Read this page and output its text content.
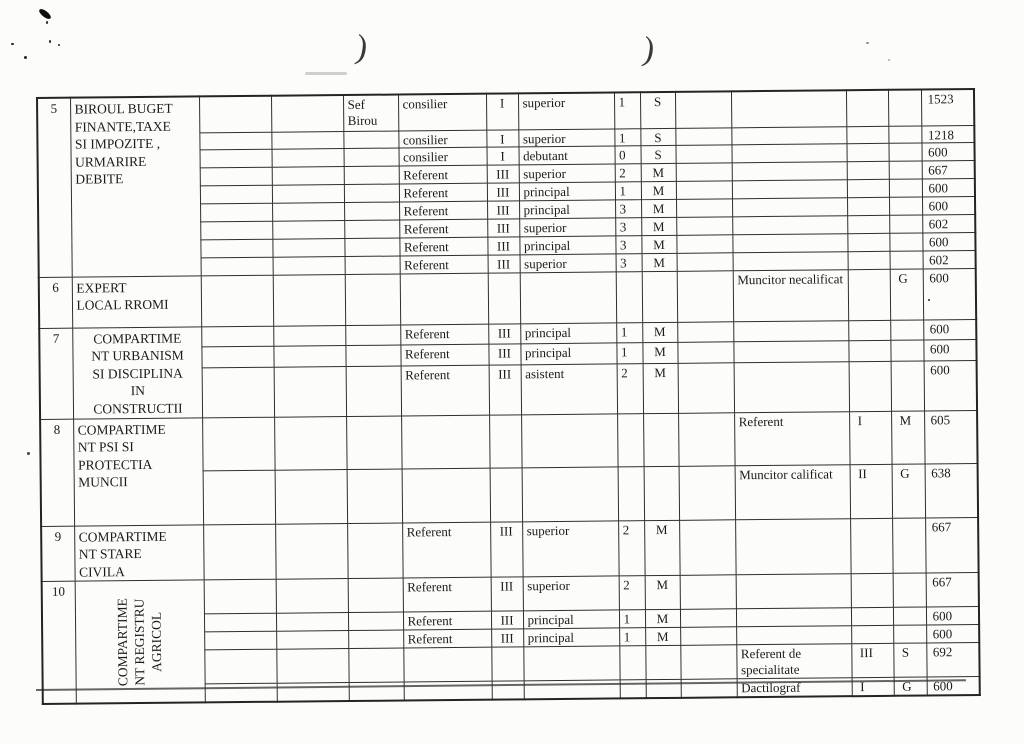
)	)
5	BIROUL BUGET
FINANTE,TAXE
SI IMPOZITE ,
URMARIRE
DEBITE			Sef Birou	consilier	I	superior	1	S					1523
					consilier	I	superior	1	S					1218
					consilier	I	debutant	0	S					600
					Referent	III	superior	2	M					667
					Referent	III	principal	1	M					600
					Referent	III	principal	3	M					600
					Referent	III	superior	3	M					602
					Referent	III	principal	3	M					600
					Referent	III	superior	3	M					602
6	EXPERT
LOCAL RROMI										Muncitor necalificat		G	600
7	COMPARTIME
NT URBANISM
SI DISCIPLINA
IN
CONSTRUCTII				Referent	III	principal	1	M					600
					Referent	III	principal	1	M					600
					Referent	III	asistent	2	M					600
8	COMPARTIME
NT PSI SI
PROTECTIA
MUNCII										Referent	I	M	605
											Muncitor calificat	II	G	638
9	COMPARTIME
NT STARE
CIVILA				Referent	III	superior	2	M					667
10	COMPARTIME
NT REGISTRU
AGRICOL				Referent	III	superior	2	M					667
					Referent	III	principal	1	M					600
					Referent	III	principal	1	M					600
											Referent de specialitate	III	S	692
											Dactilograf	I	G	600
